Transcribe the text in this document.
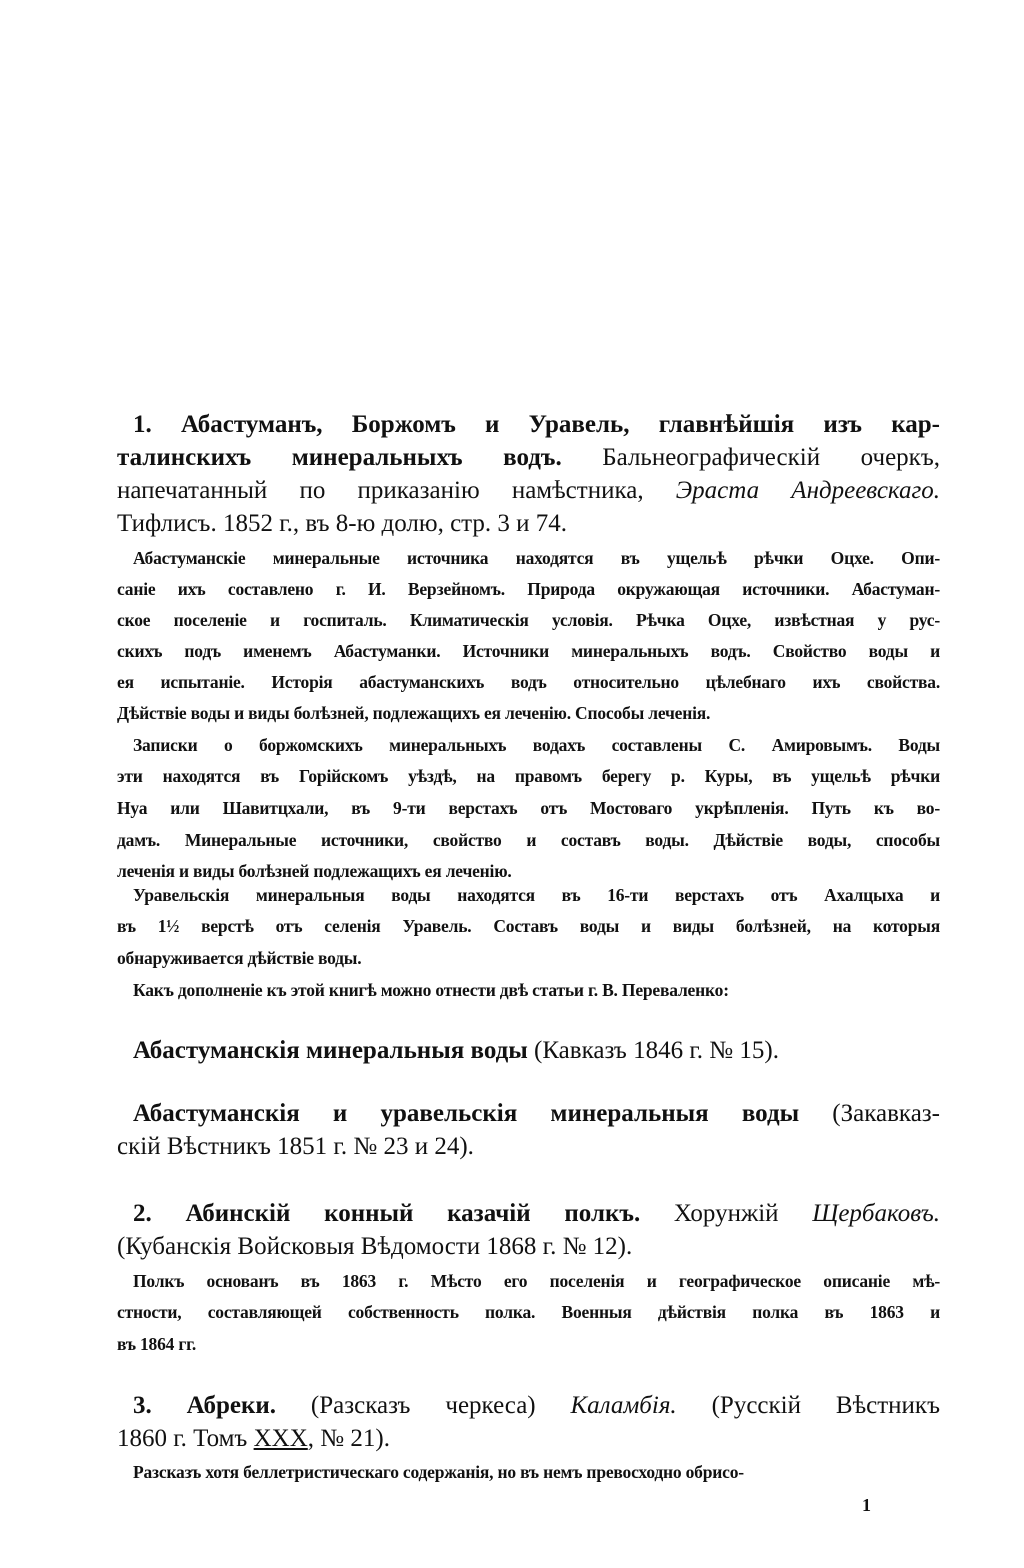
1. Абастуманъ, Боржомъ и Уравель, главнѣйшія изъ кар-
талинскихъ минеральныхъ водъ. Бальнеографическій очеркъ,
напечатанный по приказанію намѣстника, Эраста Андреевскаго.
Тифлисъ. 1852 г., въ 8-ю долю, стр. 3 и 74.
Абастуманскіе минеральные источника находятся въ ущельѣ рѣчки Оцхе. Опи-
саніе ихъ составлено г. И. Верзейномъ. Природа окружающая источники. Абастуман-
ское поселеніе и госпиталь. Климатическія условія. Рѣчка Оцхе, извѣстная у рус-
скихъ подъ именемъ Абастуманки. Источники минеральныхъ водъ. Свойство воды и
ея испытаніе. Исторія абастуманскихъ водъ относительно цѣлебнаго ихъ свойства.
Дѣйствіе воды и виды болѣзней, подлежащихъ ея леченію. Способы леченія.
Записки о боржомскихъ минеральныхъ водахъ составлены С. Амировымъ. Воды
эти находятся въ Горійскомъ уѣздѣ, на правомъ берегу р. Куры, въ ущельѣ рѣчки
Нуа или Шавитцхали, въ 9-ти верстахъ отъ Мостоваго укрѣпленія. Путь къ во-
дамъ. Минеральные источники, свойство и составъ воды. Дѣйствіе воды, способы
леченія и виды болѣзней подлежащихъ ея леченію.
Уравельскія минеральныя воды находятся въ 16-ти верстахъ отъ Ахалцыха и
въ 1½ верстѣ отъ селенія Уравель. Составъ воды и виды болѣзней, на которыя
обнаруживается дѣйствіе воды.
Какъ дополненіе къ этой книгѣ можно отнести двѣ статьи г. В. Переваленко:
Абастуманскія минеральныя воды (Кавказъ 1846 г. № 15).
Абастуманскія и уравельскія минеральныя воды (Закавказ-
скій Вѣстникъ 1851 г. № 23 и 24).
2. Абинскій конный казачій полкъ. Хорунжій Щербаковъ.
(Кубанскія Войсковыя Вѣдомости 1868 г. № 12).
Полкъ основанъ въ 1863 г. Мѣсто его поселенія и географическое описаніе мѣ-
стности, составляющей собственность полка. Военныя дѣйствія полка въ 1863 и
въ 1864 гг.
3. Абреки. (Разсказъ черкеса) Каламбія. (Русскій Вѣстникъ
1860 г. Томъ XXX, № 21).
Разсказъ хотя беллетристическаго содержанія, но въ немъ превосходно обрисо-
1
